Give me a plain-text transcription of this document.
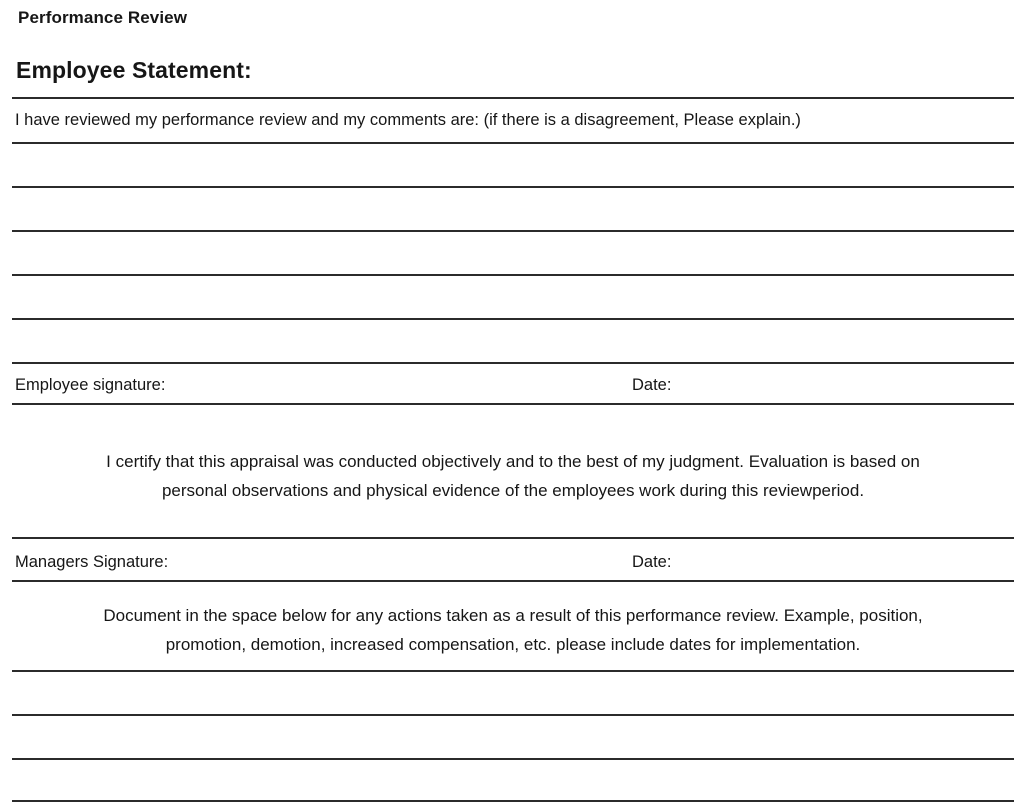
Performance Review
Employee Statement:
I have reviewed my performance review and my comments are: (if there is a disagreement, Please explain.)
Employee signature:	Date:
I certify that this appraisal was conducted objectively and to the best of my judgment. Evaluation is based on
personal observations and physical evidence of the employees work during this reviewperiod.
Managers Signature:	Date:
Document in the space below for any actions taken as a result of this performance review. Example, position,
promotion, demotion, increased compensation, etc. please include dates for implementation.
